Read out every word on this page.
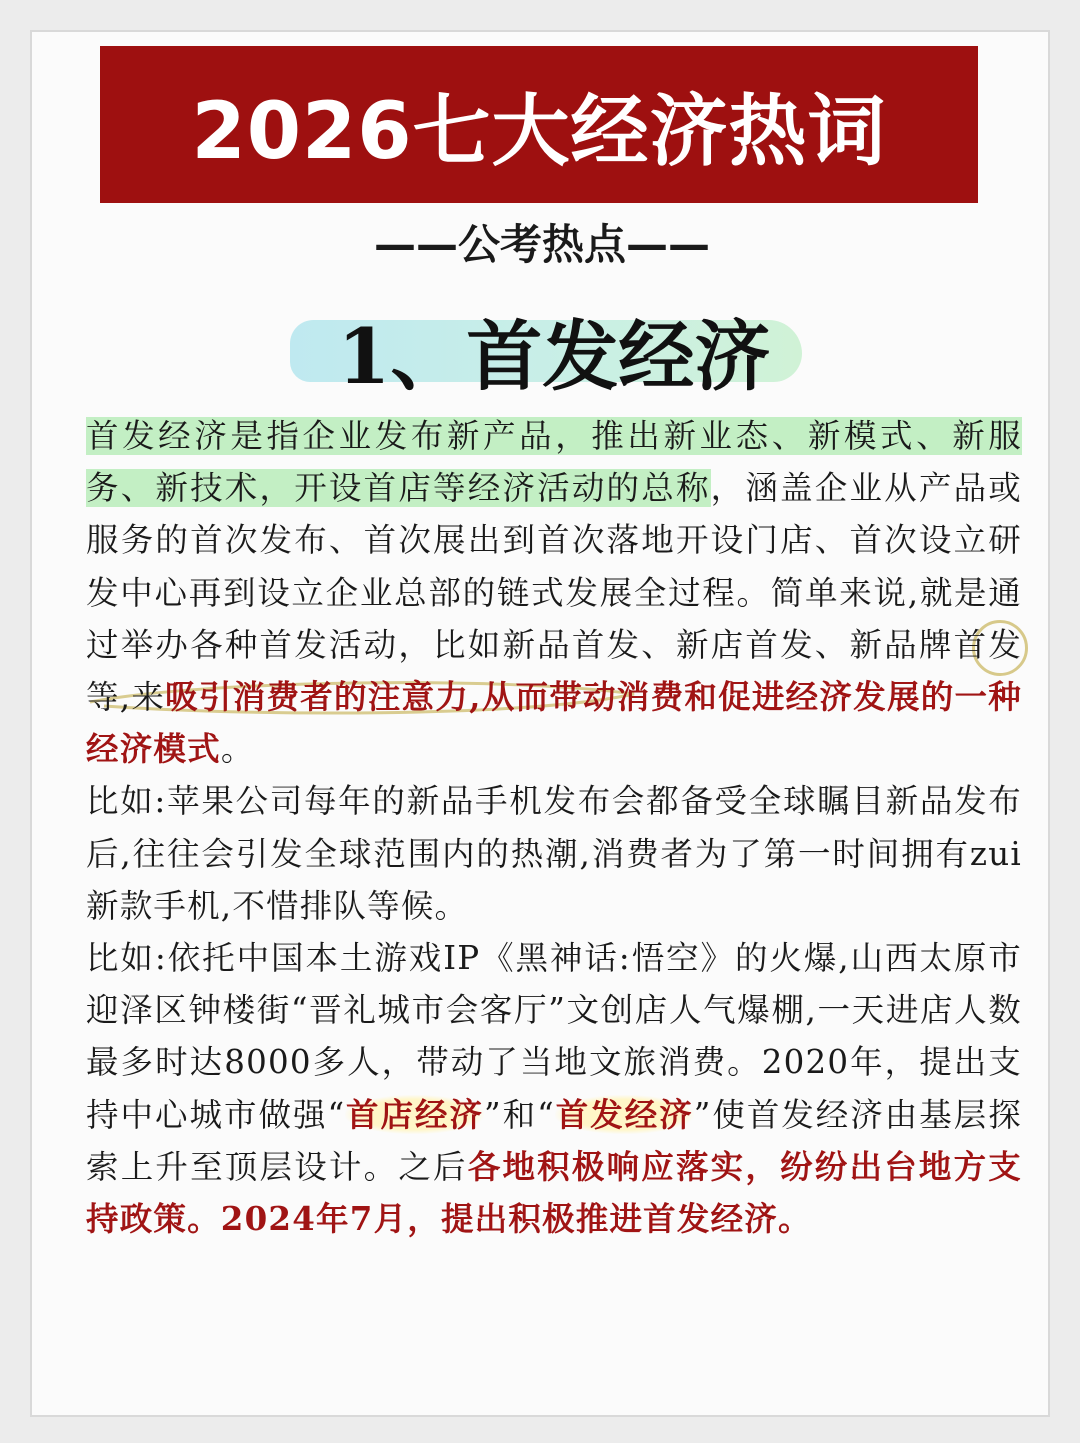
2026七大经济热词
——公考热点——
1、首发经济

首发经济是指企业发布新产品，推出新业态、新模式、新服务、新技术，开设首店等经济活动的总称，涵盖企业从产品或服务的首次发布、首次展出到首次落地开设门店、首次设立研发中心再到设立企业总部的链式发展全过程。简单来说,就是通过举办各种首发活动，比如新品首发、新店首发、新品牌首发等,来吸引消费者的注意力,从而带动消费和促进经济发展的一种经济模式。

比如:苹果公司每年的新品手机发布会都备受全球瞩目新品发布后,往往会引发全球范围内的热潮,消费者为了第一时间拥有zui新款手机,不惜排队等候。

比如:依托中国本土游戏IP《黑神话:悟空》的火爆,山西太原市迎泽区钟楼街“晋礼城市会客厅”文创店人气爆棚,一天进店人数最多时达8000多人，带动了当地文旅消费。2020年，提出支持中心城市做强“首店经济”和“首发经济”使首发经济由基层探索上升至顶层设计。之后各地积极响应落实，纷纷出台地方支持政策。2024年7月，提出积极推进首发经济。
